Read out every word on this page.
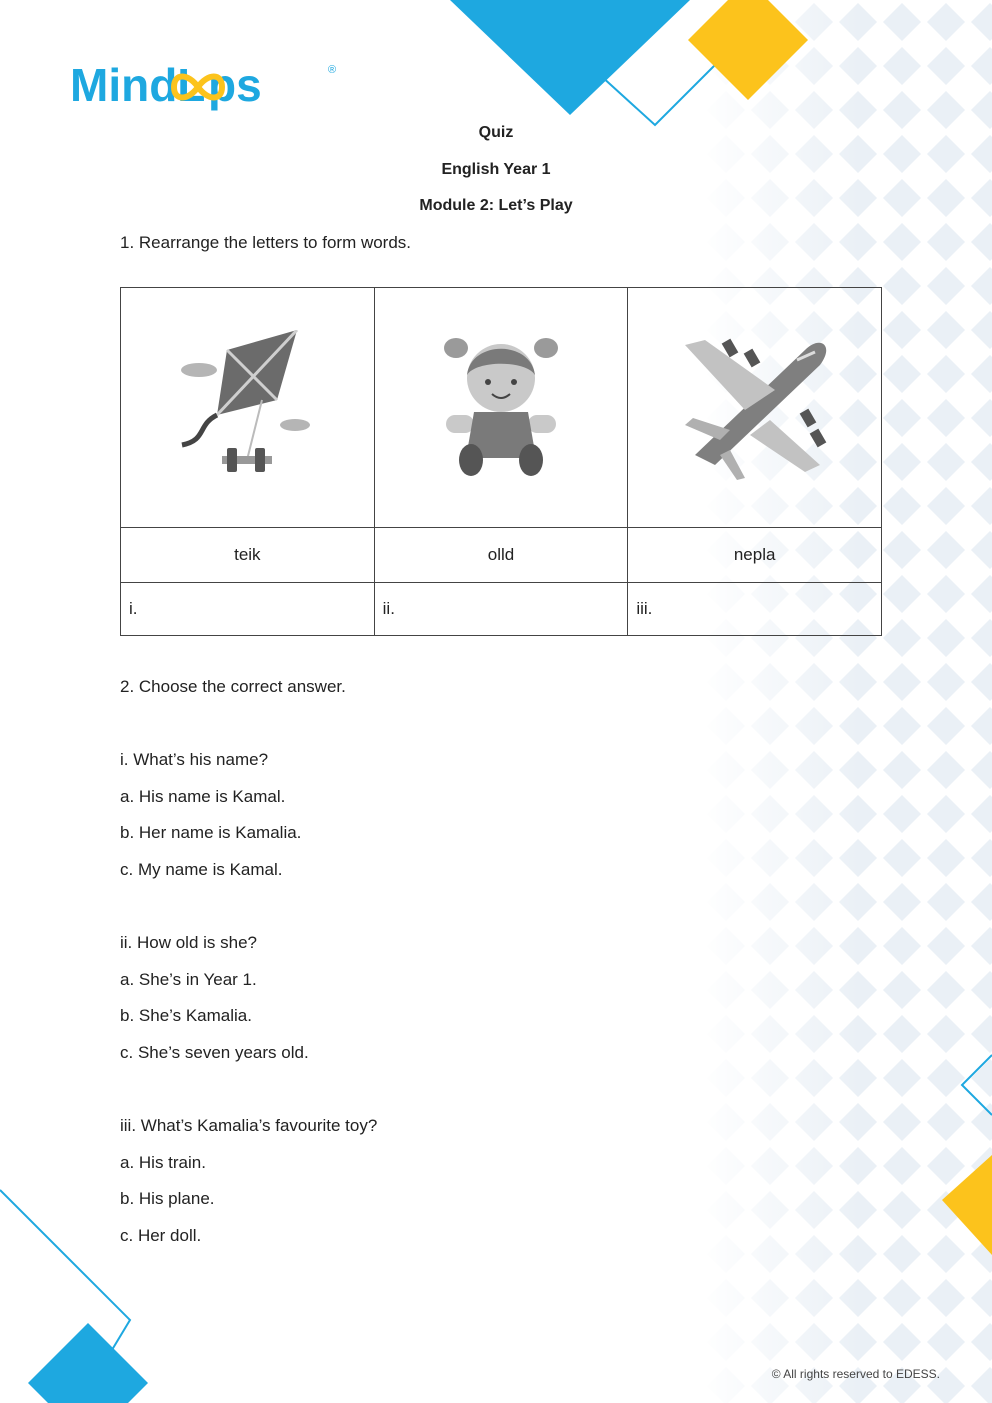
MindL ps	®
Quiz
English Year 1
Module 2: Let’s Play
1. Rearrange the letters to form words.

teik	olld	nepla
i.	ii.	iii.
2. Choose the correct answer.
i. What’s his name?
a. His name is Kamal.
b. Her name is Kamalia.
c. My name is Kamal.
ii. How old is she?
a. She’s in Year 1.
b. She’s Kamalia.
c. She’s seven years old.
iii. What’s Kamalia’s favourite toy?
a. His train.
b. His plane.
c. Her doll.
© All rights reserved to EDESS.
